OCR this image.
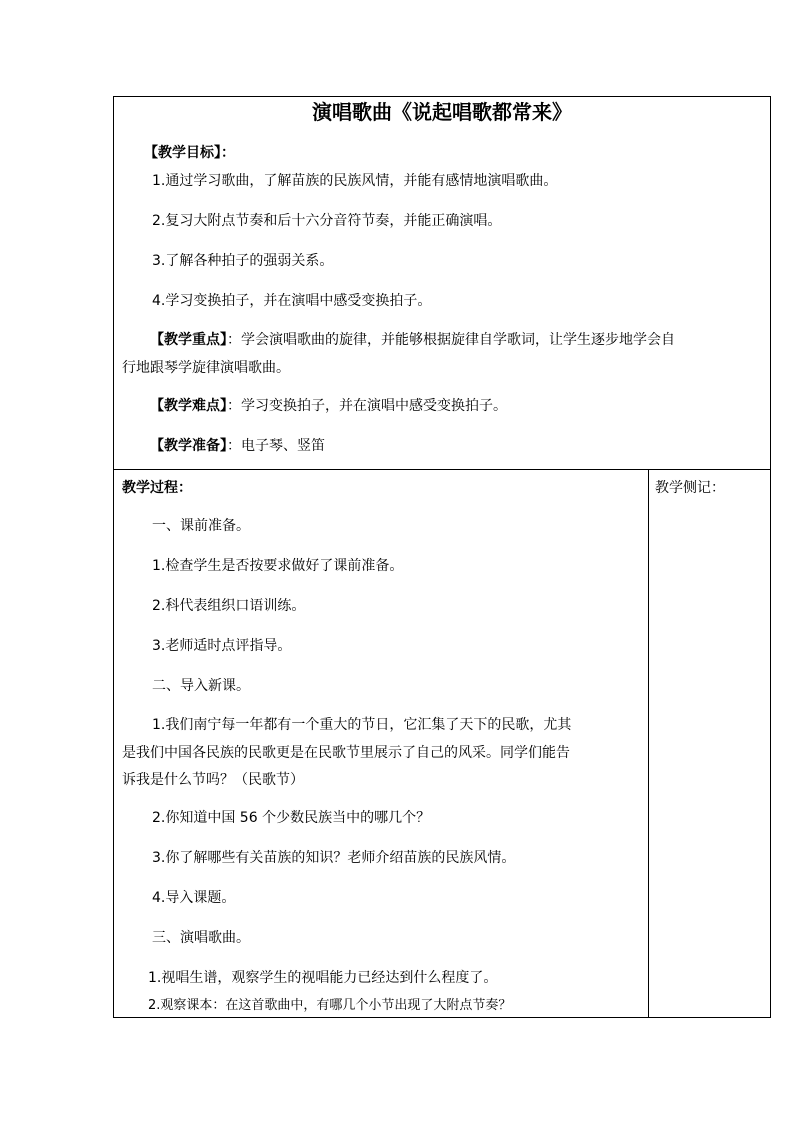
演唱歌曲《说起唱歌都常来》
【教学目标】：
1.通过学习歌曲，了解苗族的民族风情，并能有感情地演唱歌曲。
2.复习大附点节奏和后十六分音符节奏，并能正确演唱。
3.了解各种拍子的强弱关系。
4.学习变换拍子，并在演唱中感受变换拍子。
【教学重点】：学会演唱歌曲的旋律，并能够根据旋律自学歌词，让学生逐步地学会自
行地跟琴学旋律演唱歌曲。
【教学难点】：学习变换拍子，并在演唱中感受变换拍子。
【教学准备】：电子琴、竖笛
教学过程：
一、课前准备。
1.检查学生是否按要求做好了课前准备。
2.科代表组织口语训练。
3.老师适时点评指导。
二、导入新课。
1.我们南宁每一年都有一个重大的节日，它汇集了天下的民歌，尤其
是我们中国各民族的民歌更是在民歌节里展示了自己的风采。同学们能告
诉我是什么节吗？（民歌节）
2.你知道中国 56 个少数民族当中的哪几个？
3.你了解哪些有关苗族的知识？老师介绍苗族的民族风情。
4.导入课题。
三、演唱歌曲。
1.视唱生谱，观察学生的视唱能力已经达到什么程度了。
2.观察课本：在这首歌曲中，有哪几个小节出现了大附点节奏？
教学侧记：
